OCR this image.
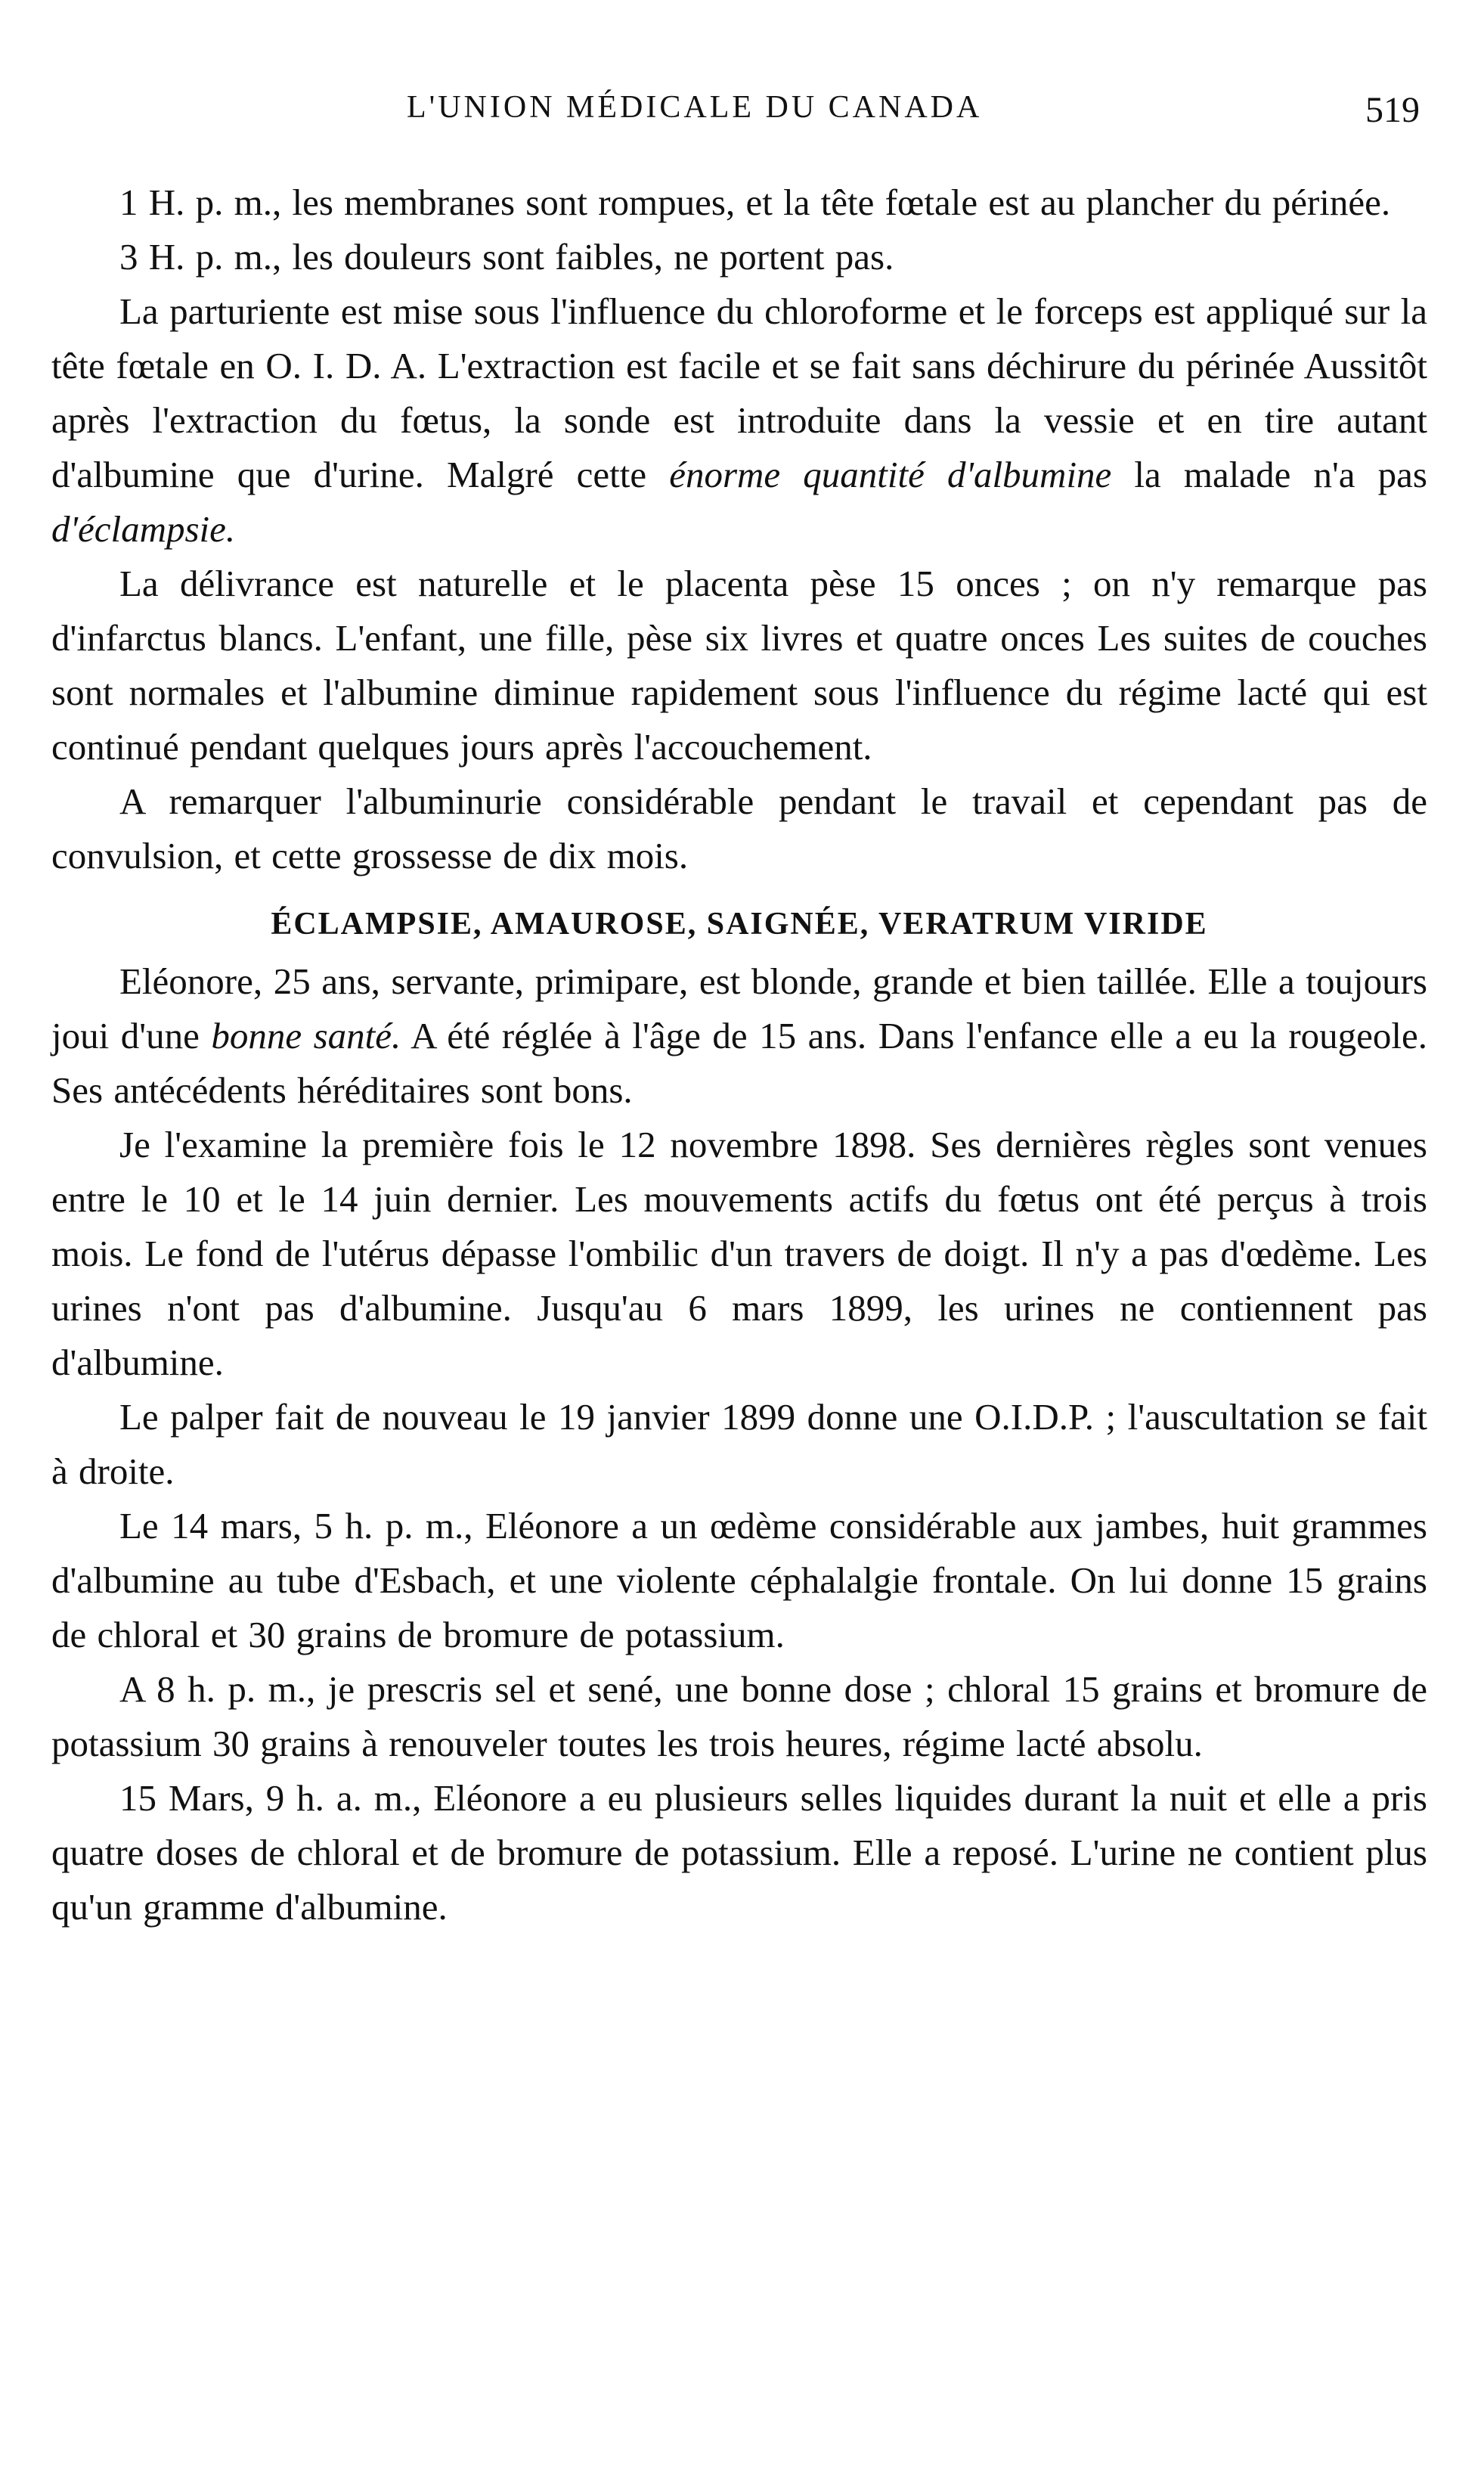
L'UNION MÉDICALE DU CANADA	519

1 H. p. m., les membranes sont rompues, et la tête fœtale est au plancher du périnée.

3 H. p. m., les douleurs sont faibles, ne portent pas.

La parturiente est mise sous l'influence du chloroforme et le forceps est appliqué sur la tête fœtale en O. I. D. A. L'extraction est facile et se fait sans déchirure du périnée Aussitôt après l'extraction du fœtus, la sonde est introduite dans la vessie et en tire autant d'albumine que d'urine. Malgré cette énorme quantité d'albumine la malade n'a pas d'éclampsie.

La délivrance est naturelle et le placenta pèse 15 onces ; on n'y remarque pas d'infarctus blancs. L'enfant, une fille, pèse six livres et quatre onces Les suites de couches sont normales et l'albumine diminue rapidement sous l'influence du régime lacté qui est continué pendant quelques jours après l'accouchement.

A remarquer l'albuminurie considérable pendant le travail et cependant pas de convulsion, et cette grossesse de dix mois.

ÉCLAMPSIE, AMAUROSE, SAIGNÉE, VERATRUM VIRIDE

Eléonore, 25 ans, servante, primipare, est blonde, grande et bien taillée. Elle a toujours joui d'une bonne santé. A été réglée à l'âge de 15 ans. Dans l'enfance elle a eu la rougeole. Ses antécédents héréditaires sont bons.

Je l'examine la première fois le 12 novembre 1898. Ses dernières règles sont venues entre le 10 et le 14 juin dernier. Les mouvements actifs du fœtus ont été perçus à trois mois. Le fond de l'utérus dépasse l'ombilic d'un travers de doigt. Il n'y a pas d'œdème. Les urines n'ont pas d'albumine. Jusqu'au 6 mars 1899, les urines ne contiennent pas d'albumine.

Le palper fait de nouveau le 19 janvier 1899 donne une O.I.D.P. ; l'auscultation se fait à droite.

Le 14 mars, 5 h. p. m., Eléonore a un œdème considérable aux jambes, huit grammes d'albumine au tube d'Esbach, et une violente céphalalgie frontale. On lui donne 15 grains de chloral et 30 grains de bromure de potassium.

A 8 h. p. m., je prescris sel et sené, une bonne dose ; chloral 15 grains et bromure de potassium 30 grains à renouveler toutes les trois heures, régime lacté absolu.

15 Mars, 9 h. a. m., Eléonore a eu plusieurs selles liquides durant la nuit et elle a pris quatre doses de chloral et de bromure de potassium. Elle a reposé. L'urine ne contient plus qu'un gramme d'albumine.
